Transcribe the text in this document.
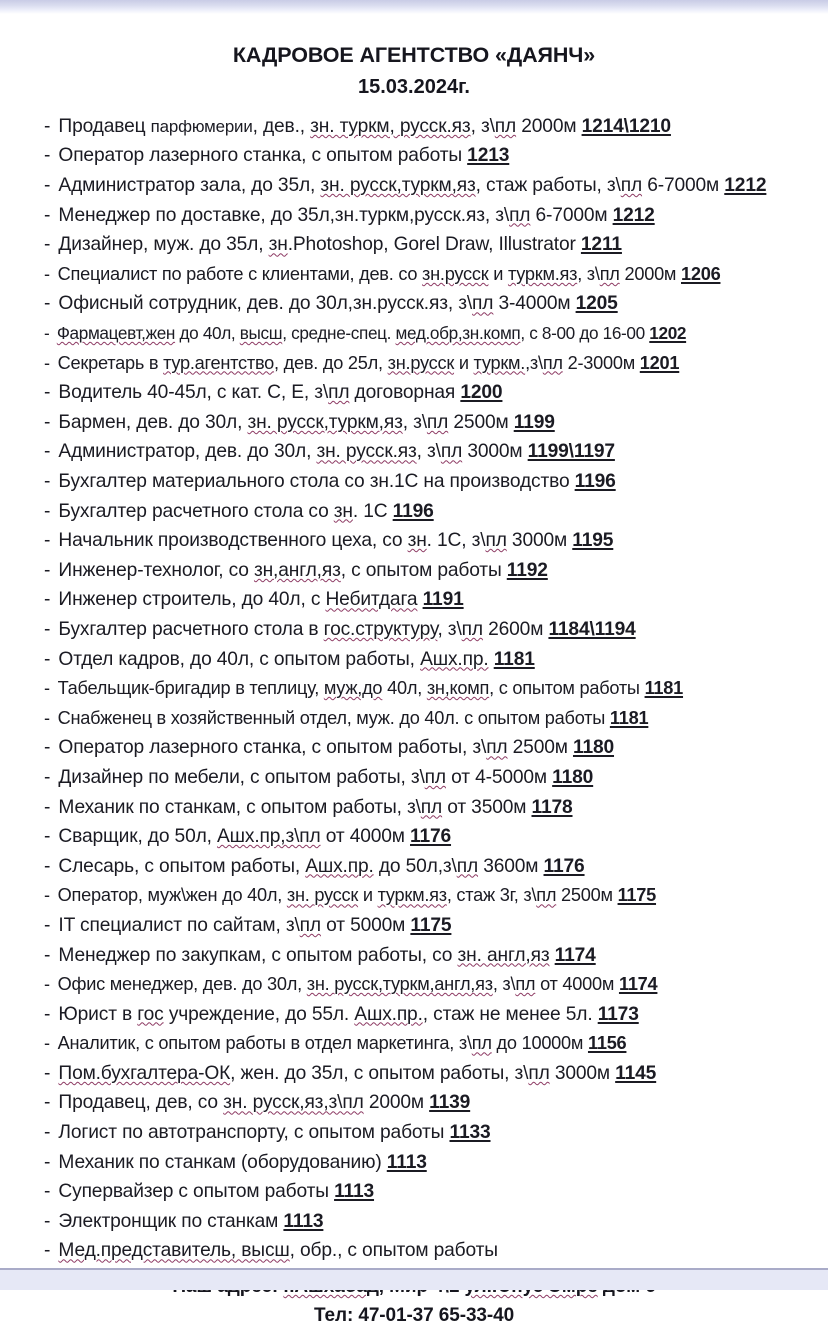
КАДРОВОЕ АГЕНТСТВО «ДАЯНЧ»
15.03.2024г.
- Продавец парфюмерии, дев., зн. туркм, русск.яз, з\пл 2000м 1214\1210
- Оператор лазерного станка, с опытом работы 1213
- Администратор зала, до 35л, зн. русск,туркм,яз, стаж работы, з\пл 6-7000м 1212
- Менеджер по доставке, до 35л,зн.туркм,русск.яз, з\пл 6-7000м 1212
- Дизайнер, муж. до 35л, зн.Photoshop, Gorel Draw, Illustrator 1211
- Специалист по работе с клиентами, дев. со зн.русск и туркм.яз, з\пл 2000м 1206
- Офисный сотрудник, дев. до 30л,зн.русск.яз, з\пл 3-4000м 1205
- Фармацевт,жен до 40л, высш, средне-спец. мед.обр,зн.комп, с 8-00 до 16-00 1202
- Секретарь в тур.агентство, дев. до 25л, зн.русск и туркм.,з\пл 2-3000м 1201
- Водитель 40-45л, с кат. С, Е, з\пл договорная 1200
- Бармен, дев. до 30л, зн. русск,туркм,яз, з\пл 2500м 1199
- Администратор, дев. до 30л, зн. русск.яз, з\пл 3000м 1199\1197
- Бухгалтер материального стола со зн.1С на производство 1196
- Бухгалтер расчетного стола со зн. 1С 1196
- Начальник производственного цеха, со зн. 1С, з\пл 3000м 1195
- Инженер-технолог, со зн,англ,яз, с опытом работы 1192
- Инженер строитель, до 40л, с Небитдага 1191
- Бухгалтер расчетного стола в гос.структуру, з\пл 2600м 1184\1194
- Отдел кадров, до 40л, с опытом работы, Ашх.пр. 1181
- Табельщик-бригадир в теплицу, муж,до 40л, зн,комп, с опытом работы 1181
- Снабженец в хозяйственный отдел, муж. до 40л. с опытом работы 1181
- Оператор лазерного станка, с опытом работы, з\пл 2500м 1180
- Дизайнер по мебели, с опытом работы, з\пл от 4-5000м 1180
- Механик по станкам, с опытом работы, з\пл от 3500м 1178
- Сварщик, до 50л, Ашх.пр,з\пл от 4000м 1176
- Слесарь, с опытом работы, Ашх.пр. до 50л,з\пл 3600м 1176
- Оператор, муж\жен до 40л, зн. русск и туркм.яз, стаж 3г, з\пл 2500м 1175
- IT специалист по сайтам, з\пл от 5000м 1175
- Менеджер по закупкам, с опытом работы, со зн. англ,яз 1174
- Офис менеджер, дев. до 30л, зн. русск,туркм,англ,яз, з\пл от 4000м 1174
- Юрист в гос учреждение, до 55л. Ашх.пр., стаж не менее 5л. 1173
- Аналитик, с опытом работы в отдел маркетинга, з\пл до 10000м 1156
- Пом.бухгалтера-ОК, жен. до 35л, с опытом работы, з\пл 3000м 1145
- Продавец, дев, со зн. русск,яз,з\пл 2000м 1139
- Логист по автотранспорту, с опытом работы 1133
- Механик по станкам (оборудованию) 1113
- Супервайзер с опытом работы 1113
- Электронщик по станкам 1113
- Мед.представитель, высш, обр., с опытом работы
Тел: 47-01-37 65-33-40
